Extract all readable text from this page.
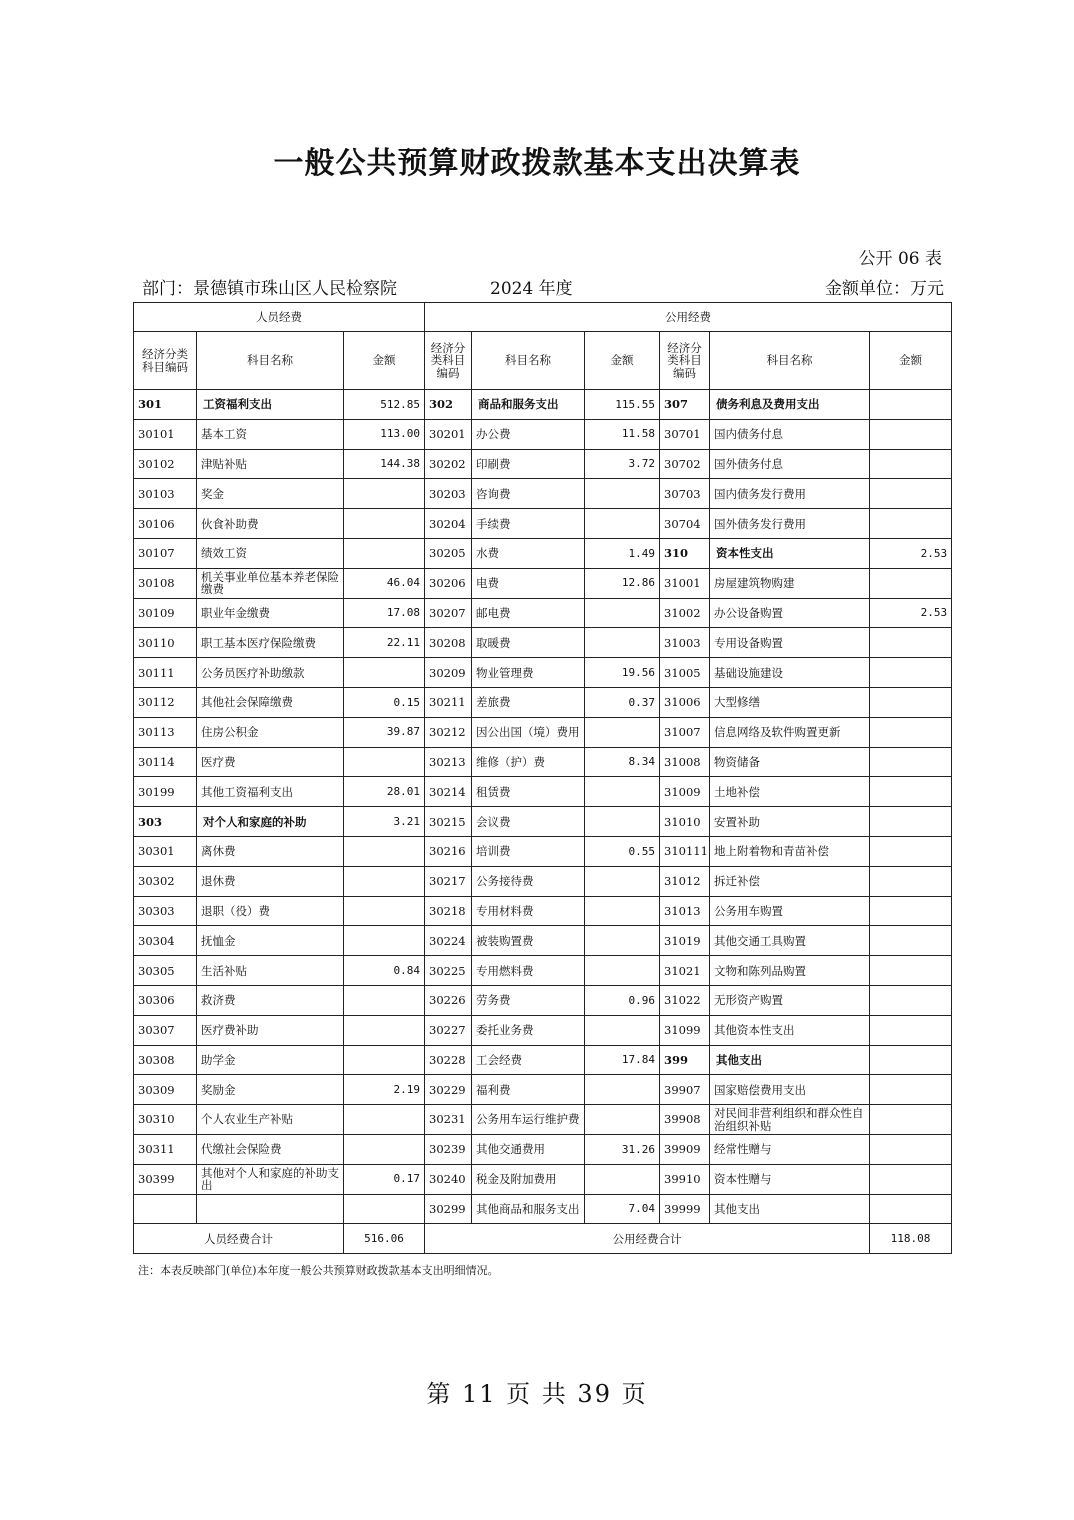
一般公共预算财政拨款基本支出决算表
公开 06 表
部门：景德镇市珠山区人民检察院	2024 年度	金额单位：万元
人员经费			公用经费					
经济分类科目编码	科目名称	金额	经济分类科目编码	科目名称	金额	经济分类科目编码	科目名称	金额
301	工资福利支出	512.85	302	商品和服务支出	115.55	307	债务利息及费用支出	
30101	基本工资	113.00	30201	办公费	11.58	30701	国内债务付息	
30102	津贴补贴	144.38	30202	印刷费	3.72	30702	国外债务付息	
30103	奖金		30203	咨询费		30703	国内债务发行费用	
30106	伙食补助费		30204	手续费		30704	国外债务发行费用	
30107	绩效工资		30205	水费	1.49	310	资本性支出	2.53
30108	机关事业单位基本养老保险缴费	46.04	30206	电费	12.86	31001	房屋建筑物购建	
30109	职业年金缴费	17.08	30207	邮电费		31002	办公设备购置	2.53
30110	职工基本医疗保险缴费	22.11	30208	取暖费		31003	专用设备购置	
30111	公务员医疗补助缴款		30209	物业管理费	19.56	31005	基础设施建设	
30112	其他社会保障缴费	0.15	30211	差旅费	0.37	31006	大型修缮	
30113	住房公积金	39.87	30212	因公出国（境）费用		31007	信息网络及软件购置更新	
30114	医疗费		30213	维修（护）费	8.34	31008	物资储备	
30199	其他工资福利支出	28.01	30214	租赁费		31009	土地补偿	
303	对个人和家庭的补助	3.21	30215	会议费		31010	安置补助	
30301	离休费		30216	培训费	0.55	310111	地上附着物和青苗补偿	
30302	退休费		30217	公务接待费		31012	拆迁补偿	
30303	退职（役）费		30218	专用材料费		31013	公务用车购置	
30304	抚恤金		30224	被装购置费		31019	其他交通工具购置	
30305	生活补贴	0.84	30225	专用燃料费		31021	文物和陈列品购置	
30306	救济费		30226	劳务费	0.96	31022	无形资产购置	
30307	医疗费补助		30227	委托业务费		31099	其他资本性支出	
30308	助学金		30228	工会经费	17.84	399	其他支出	
30309	奖励金	2.19	30229	福利费		39907	国家赔偿费用支出	
30310	个人农业生产补贴		30231	公务用车运行维护费		39908	对民间非营利组织和群众性自治组织补贴	
30311	代缴社会保险费		30239	其他交通费用	31.26	39909	经常性赠与	
30399	其他对个人和家庭的补助支出	0.17	30240	税金及附加费用		39910	资本性赠与	
			30299	其他商品和服务支出	7.04	39999	其他支出	
人员经费合计		516.06	公用经费合计					118.08
注：本表反映部门(单位)本年度一般公共预算财政拨款基本支出明细情况。
第 11 页 共 39 页
